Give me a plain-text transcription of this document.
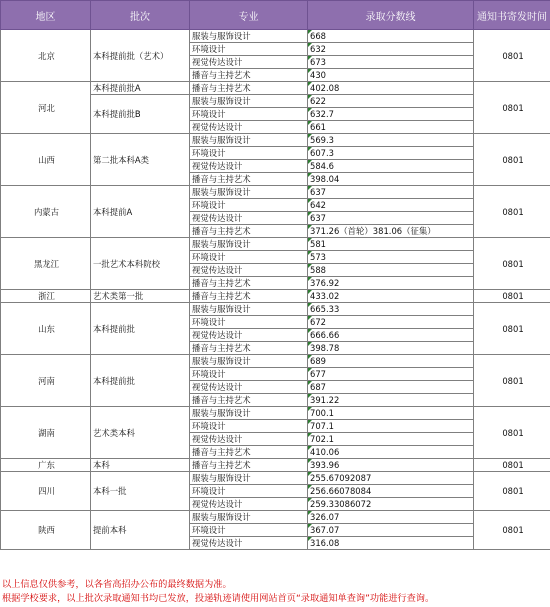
地区	批次	专业	录取分数线	通知书寄发时间
北京	本科提前批（艺术）	服装与服饰设计	668	0801
		环境设计	632	
		视觉传达设计	673	
		播音与主持艺术	430	
河北	本科提前批A	播音与主持艺术	402.08	0801
	本科提前批B	服装与服饰设计	622	
		环境设计	632.7	
		视觉传达设计	661	
山西	第二批本科A类	服装与服饰设计	569.3	0801
		环境设计	607.3	
		视觉传达设计	584.6	
		播音与主持艺术	398.04	
内蒙古	本科提前A	服装与服饰设计	637	0801
		环境设计	642	
		视觉传达设计	637	
		播音与主持艺术	371.26（首轮）381.06（征集）	
黑龙江	一批艺术本科院校	服装与服饰设计	581	0801
		环境设计	573	
		视觉传达设计	588	
		播音与主持艺术	376.92	
浙江	艺术类第一批	播音与主持艺术	433.02	0801
山东	本科提前批	服装与服饰设计	665.33	0801
		环境设计	672	
		视觉传达设计	666.66	
		播音与主持艺术	398.78	
河南	本科提前批	服装与服饰设计	689	0801
		环境设计	677	
		视觉传达设计	687	
		播音与主持艺术	391.22	
湖南	艺术类本科	服装与服饰设计	700.1	0801
		环境设计	707.1	
		视觉传达设计	702.1	
		播音与主持艺术	410.06	
广东	本科	播音与主持艺术	393.96	0801
四川	本科一批	服装与服饰设计	255.67092087	0801
		环境设计	256.66078084	
		视觉传达设计	259.33086072	
陕西	提前本科	服装与服饰设计	326.07	0801
		环境设计	367.07	
		视觉传达设计	316.08	
以上信息仅供参考，以各省高招办公布的最终数据为准。
根据学校要求，以上批次录取通知书均已发放，投递轨迹请使用网站首页“录取通知单查询”功能进行查询。
